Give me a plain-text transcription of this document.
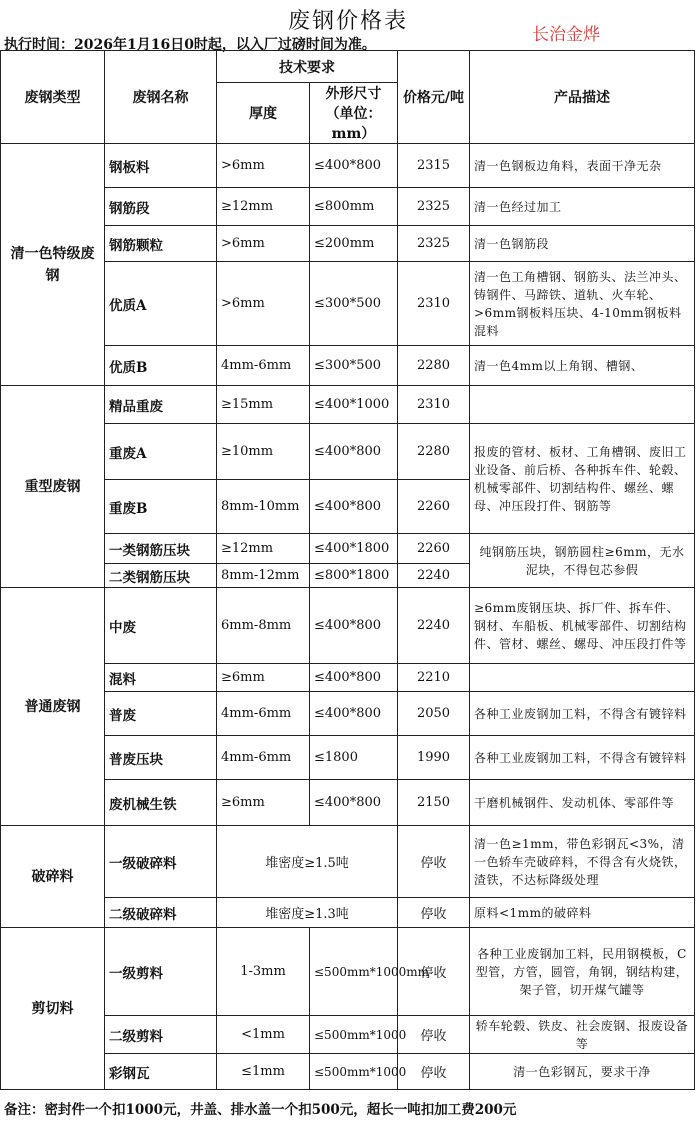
废钢价格表
长治金烨
执行时间：2026年1月16日0时起，以入厂过磅时间为准。
废钢类型	废钢名称	技术要求		价格元/吨	产品描述
		厚度	外形尺寸（单位：mm）		
清一色特级废钢	钢板料	>6mm	≤400*800	2315	清一色钢板边角料，表面干净无杂
	钢筋段	≥12mm	≤800mm	2325	清一色经过加工
	钢筋颗粒	>6mm	≤200mm	2325	清一色钢筋段
	优质A	>6mm	≤300*500	2310	清一色工角槽钢、钢筋头、法兰冲头、铸钢件、马蹄铁、道轨、火车轮、>6mm钢板料压块、4-10mm钢板料混料
	优质B	4mm-6mm	≤300*500	2280	清一色4mm以上角钢、槽钢、
重型废钢	精品重废	≥15mm	≤400*1000	2310	
	重废A	≥10mm	≤400*800	2280	报废的管材、板材、工角槽钢、废旧工业设备、前后桥、各种拆车件、轮毂、机械零部件、切割结构件、螺丝、螺母、冲压段打件、钢筋等
	重废B	8mm-10mm	≤400*800	2260	
	一类钢筋压块	≥12mm	≤400*1800	2260	纯钢筋压块，钢筋圆柱≥6mm，无水泥块，不得包芯参假
	二类钢筋压块	8mm-12mm	≤800*1800	2240	
普通废钢	中废	6mm-8mm	≤400*800	2240	≥6mm废钢压块、拆厂件、拆车件、钢材、车船板、机械零部件、切割结构件、管材、螺丝、螺母、冲压段打件等
	混料	≥6mm	≤400*800	2210	
	普废	4mm-6mm	≤400*800	2050	各种工业废钢加工料，不得含有镀锌料
	普废压块	4mm-6mm	≤1800	1990	各种工业废钢加工料，不得含有镀锌料
	废机械生铁	≥6mm	≤400*800	2150	干磨机械钢件、发动机体、零部件等
破碎料	一级破碎料	堆密度≥1.5吨		停收	清一色≥1mm，带色彩钢瓦<3%，清一色轿车壳破碎料，不得含有火烧铁，渣铁，不达标降级处理
	二级破碎料	堆密度≥1.3吨		停收	原料<1mm的破碎料
剪切料	一级剪料	1-3mm	≤500mm*1000mm	停收	各种工业废钢加工料，民用钢模板，C型管，方管，圆管，角钢，钢结构建，架子管，切开煤气罐等
	二级剪料	<1mm	≤500mm*1000	停收	轿车轮毂、铁皮、社会废钢、报废设备等
	彩钢瓦	≤1mm	≤500mm*1000	停收	清一色彩钢瓦，要求干净
备注：密封件一个扣1000元，井盖、排水盖一个扣500元，超长一吨扣加工费200元
